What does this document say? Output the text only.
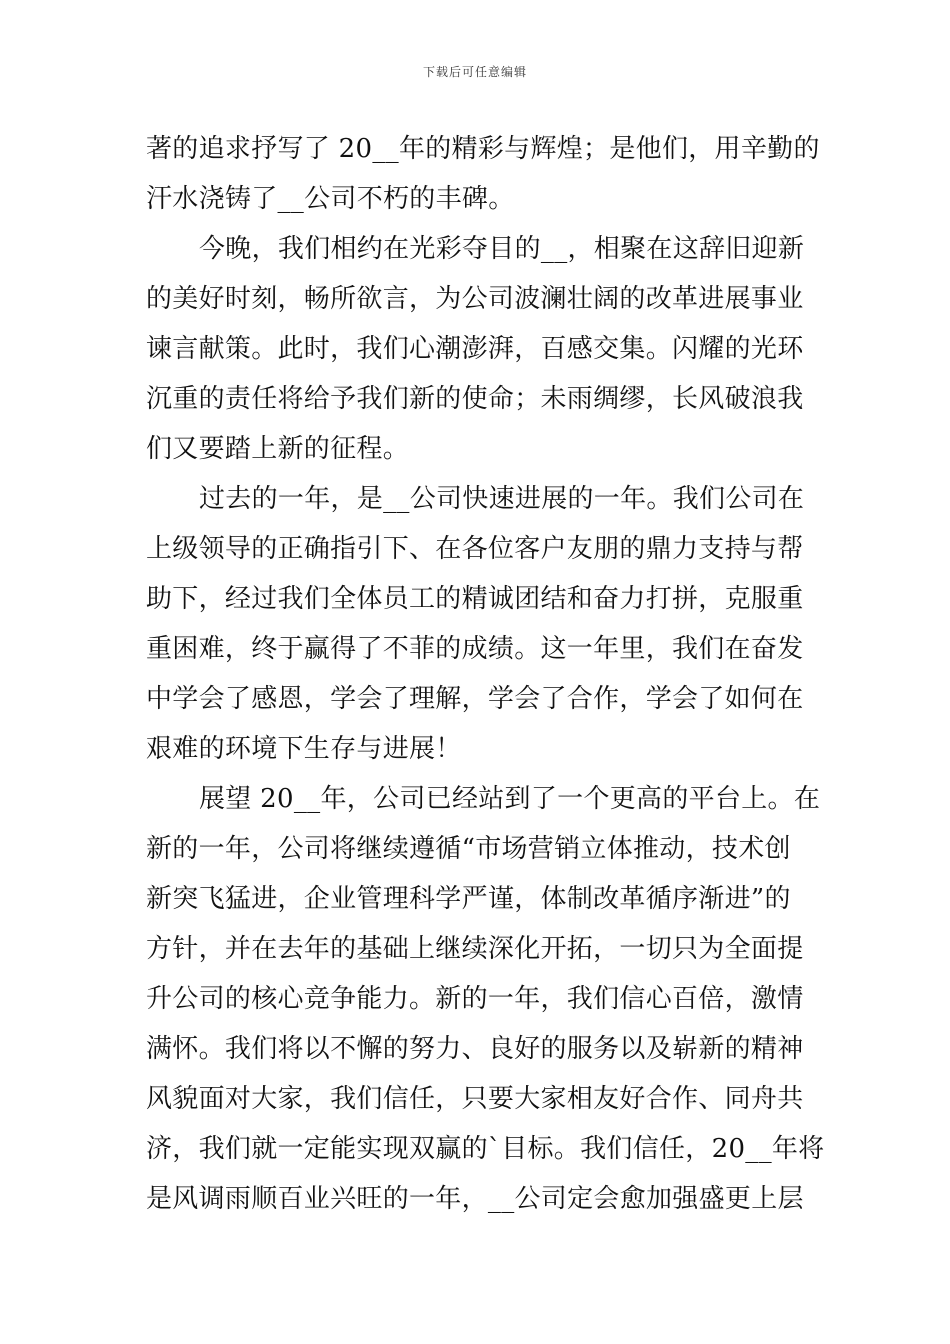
下载后可任意编辑
著的追求抒写了 20__年的精彩与辉煌；是他们，用辛勤的
汗水浇铸了__公司不朽的丰碑。
今晚，我们相约在光彩夺目的__，相聚在这辞旧迎新
的美好时刻，畅所欲言，为公司波澜壮阔的改革进展事业
谏言献策。此时，我们心潮澎湃，百感交集。闪耀的光环
沉重的责任将给予我们新的使命；未雨绸缪，长风破浪我
们又要踏上新的征程。
过去的一年，是__公司快速进展的一年。我们公司在
上级领导的正确指引下、在各位客户友朋的鼎力支持与帮
助下，经过我们全体员工的精诚团结和奋力打拼，克服重
重困难，终于赢得了不菲的成绩。这一年里，我们在奋发
中学会了感恩，学会了理解，学会了合作，学会了如何在
艰难的环境下生存与进展！
展望 20__年，公司已经站到了一个更高的平台上。在
新的一年，公司将继续遵循“市场营销立体推动，技术创
新突飞猛进，企业管理科学严谨，体制改革循序渐进”的
方针，并在去年的基础上继续深化开拓，一切只为全面提
升公司的核心竞争能力。新的一年，我们信心百倍，激情
满怀。我们将以不懈的努力、良好的服务以及崭新的精神
风貌面对大家，我们信任，只要大家相友好合作、同舟共
济，我们就一定能实现双赢的`目标。我们信任，20__年将
是风调雨顺百业兴旺的一年，__公司定会愈加强盛更上层
